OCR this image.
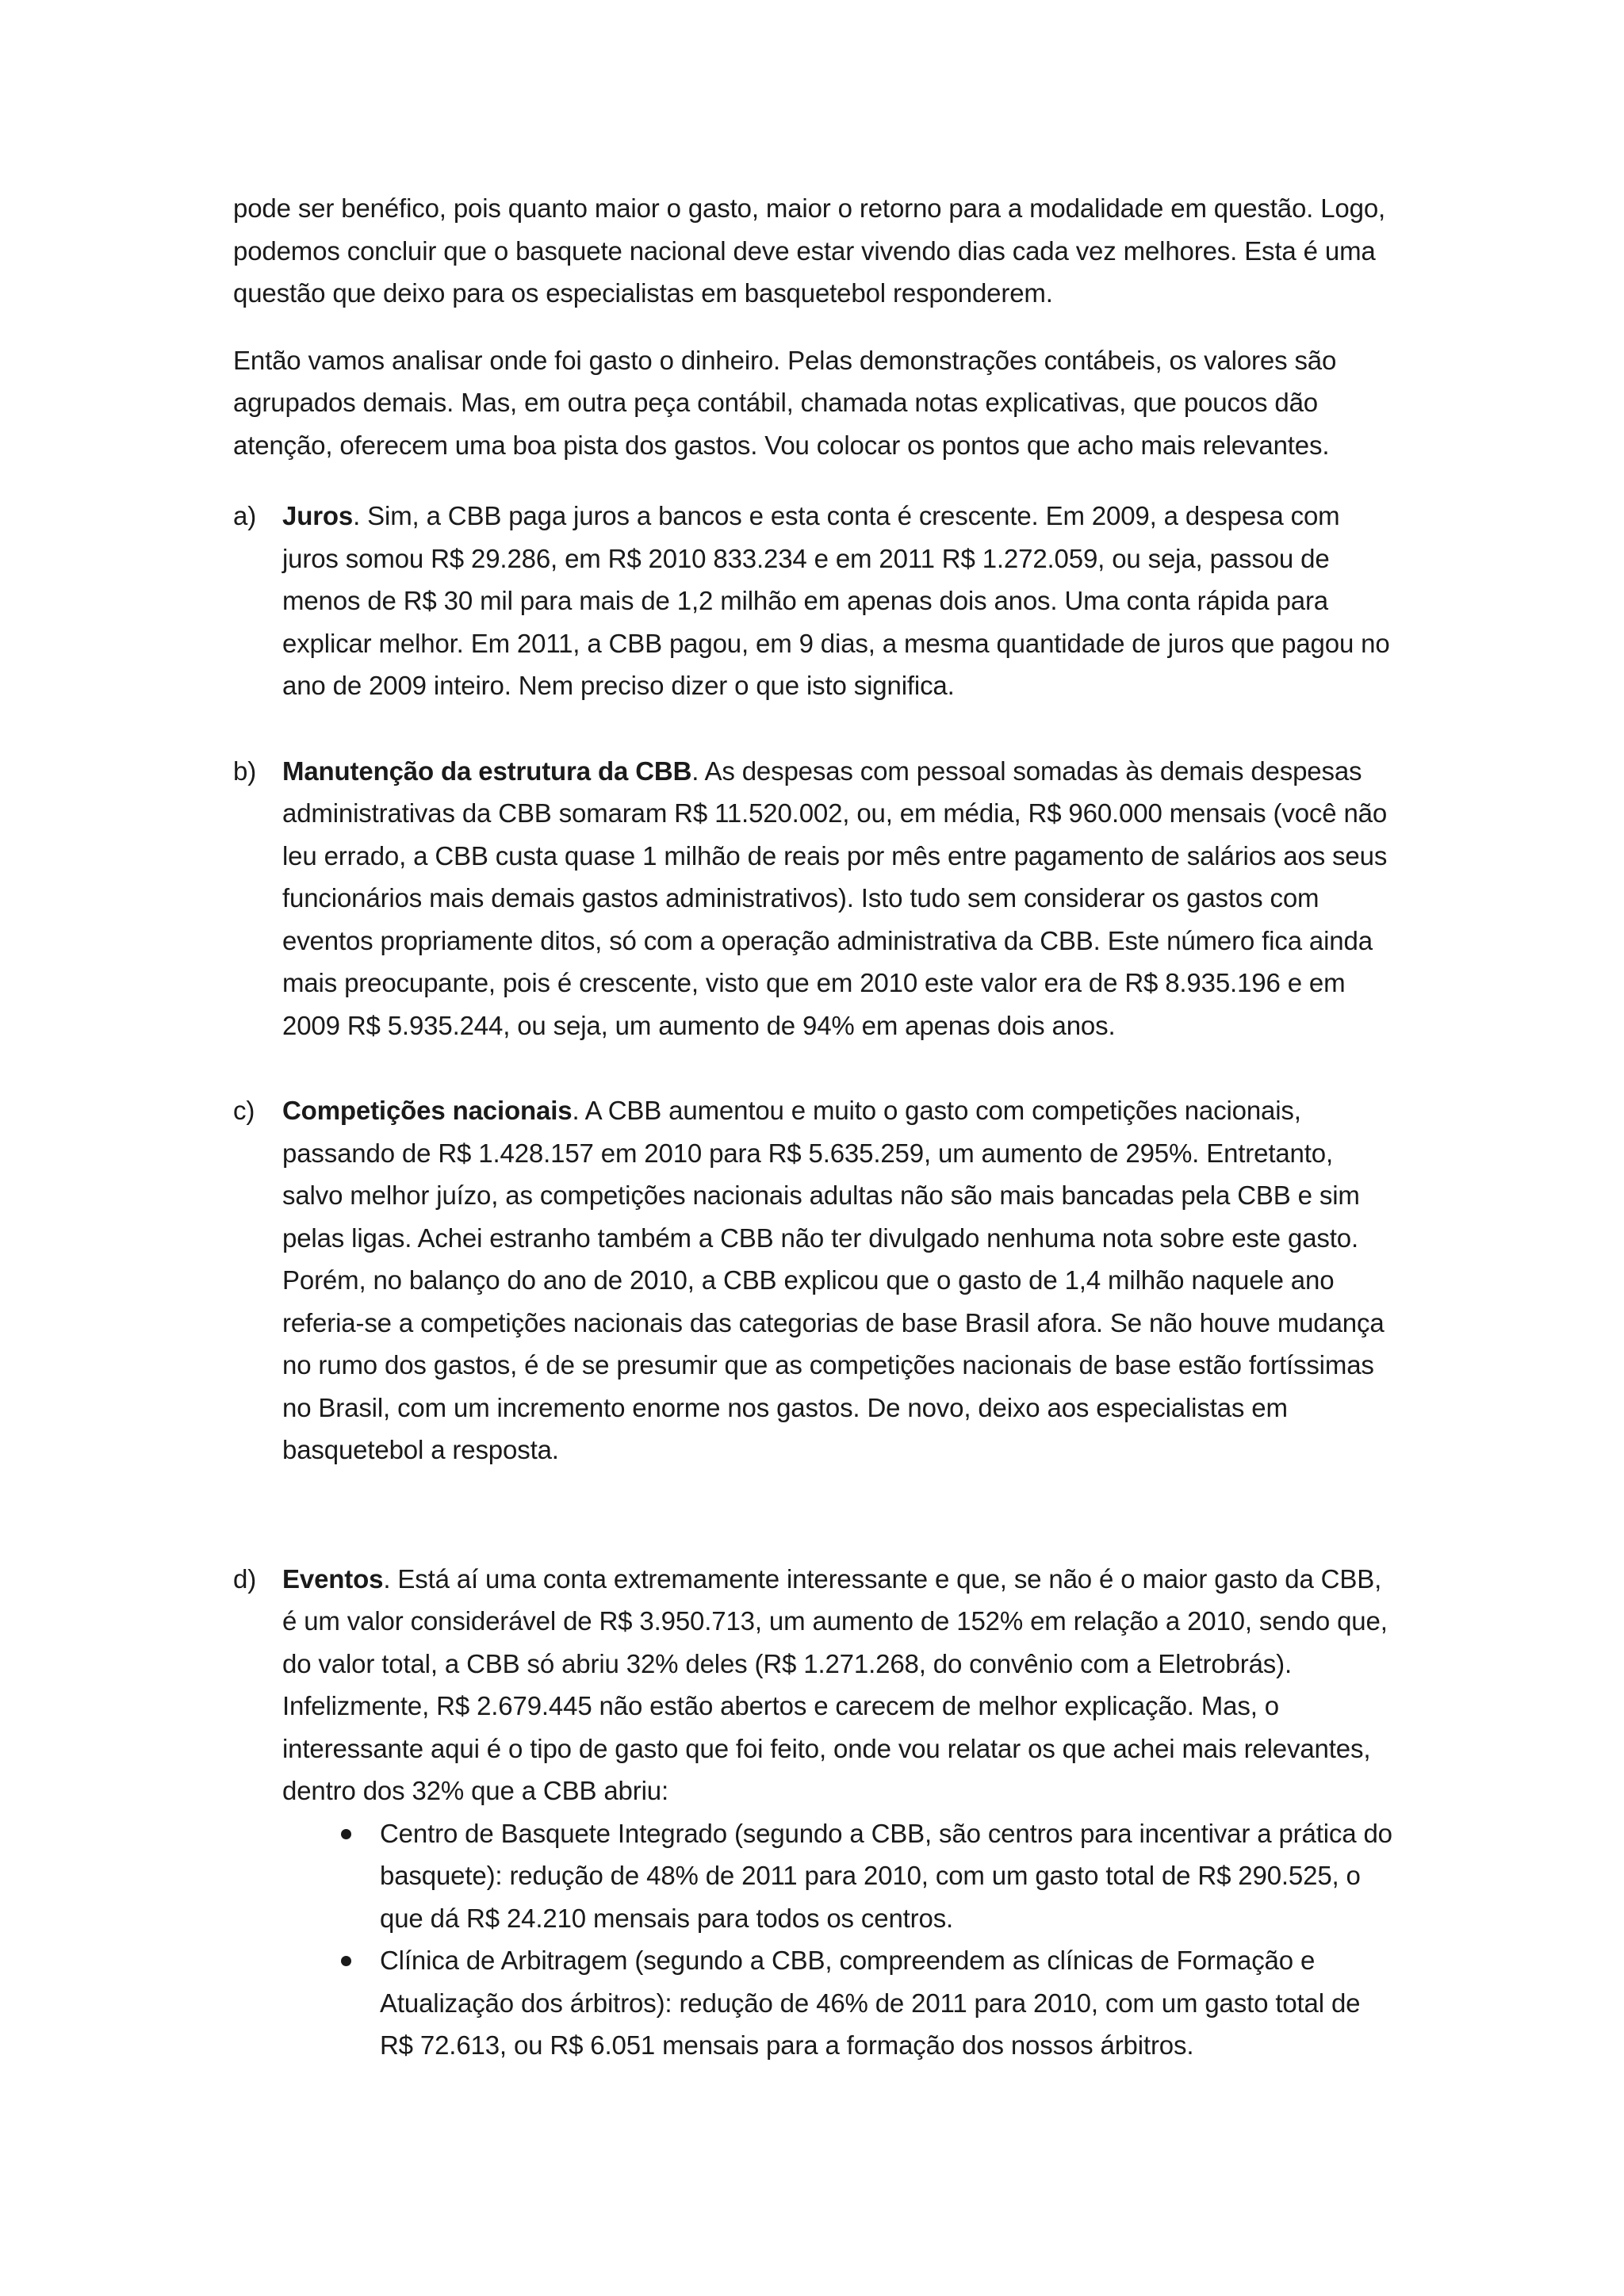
pode ser benéfico, pois quanto maior o gasto, maior o retorno para a modalidade em questão. Logo, podemos concluir que o basquete nacional deve estar vivendo dias cada vez melhores. Esta é uma questão que deixo para os especialistas em basquetebol responderem.

Então vamos analisar onde foi gasto o dinheiro. Pelas demonstrações contábeis, os valores são agrupados demais. Mas, em outra peça contábil, chamada notas explicativas, que poucos dão atenção, oferecem uma boa pista dos gastos. Vou colocar os pontos que acho mais relevantes.

a) Juros. Sim, a CBB paga juros a bancos e esta conta é crescente. Em 2009, a despesa com juros somou R$ 29.286, em R$ 2010 833.234 e em 2011 R$ 1.272.059, ou seja, passou de menos de R$ 30 mil para mais de 1,2 milhão em apenas dois anos. Uma conta rápida para explicar melhor. Em 2011, a CBB pagou, em 9 dias, a mesma quantidade de juros que pagou no ano de 2009 inteiro. Nem preciso dizer o que isto significa.

b) Manutenção da estrutura da CBB. As despesas com pessoal somadas às demais despesas administrativas da CBB somaram R$ 11.520.002, ou, em média, R$ 960.000 mensais (você não leu errado, a CBB custa quase 1 milhão de reais por mês entre pagamento de salários aos seus funcionários mais demais gastos administrativos). Isto tudo sem considerar os gastos com eventos propriamente ditos, só com a operação administrativa da CBB. Este número fica ainda mais preocupante, pois é crescente, visto que em 2010 este valor era de R$ 8.935.196 e em 2009 R$ 5.935.244, ou seja, um aumento de 94% em apenas dois anos.

c) Competições nacionais. A CBB aumentou e muito o gasto com competições nacionais, passando de R$ 1.428.157 em 2010 para R$ 5.635.259, um aumento de 295%. Entretanto, salvo melhor juízo, as competições nacionais adultas não são mais bancadas pela CBB e sim pelas ligas. Achei estranho também a CBB não ter divulgado nenhuma nota sobre este gasto. Porém, no balanço do ano de 2010, a CBB explicou que o gasto de 1,4 milhão naquele ano referia-se a competições nacionais das categorias de base Brasil afora. Se não houve mudança no rumo dos gastos, é de se presumir que as competições nacionais de base estão fortíssimas no Brasil, com um incremento enorme nos gastos. De novo, deixo aos especialistas em basquetebol a resposta.

d) Eventos. Está aí uma conta extremamente interessante e que, se não é o maior gasto da CBB, é um valor considerável de R$ 3.950.713, um aumento de 152% em relação a 2010, sendo que, do valor total, a CBB só abriu 32% deles (R$ 1.271.268, do convênio com a Eletrobrás). Infelizmente, R$ 2.679.445 não estão abertos e carecem de melhor explicação. Mas, o interessante aqui é o tipo de gasto que foi feito, onde vou relatar os que achei mais relevantes, dentro dos 32% que a CBB abriu:

Centro de Basquete Integrado (segundo a CBB, são centros para incentivar a prática do basquete): redução de 48% de 2011 para 2010, com um gasto total de R$ 290.525, o que dá R$ 24.210 mensais para todos os centros.
Clínica de Arbitragem (segundo a CBB, compreendem as clínicas de Formação e Atualização dos árbitros): redução de 46% de 2011 para 2010, com um gasto total de R$ 72.613, ou R$ 6.051 mensais para a formação dos nossos árbitros.
